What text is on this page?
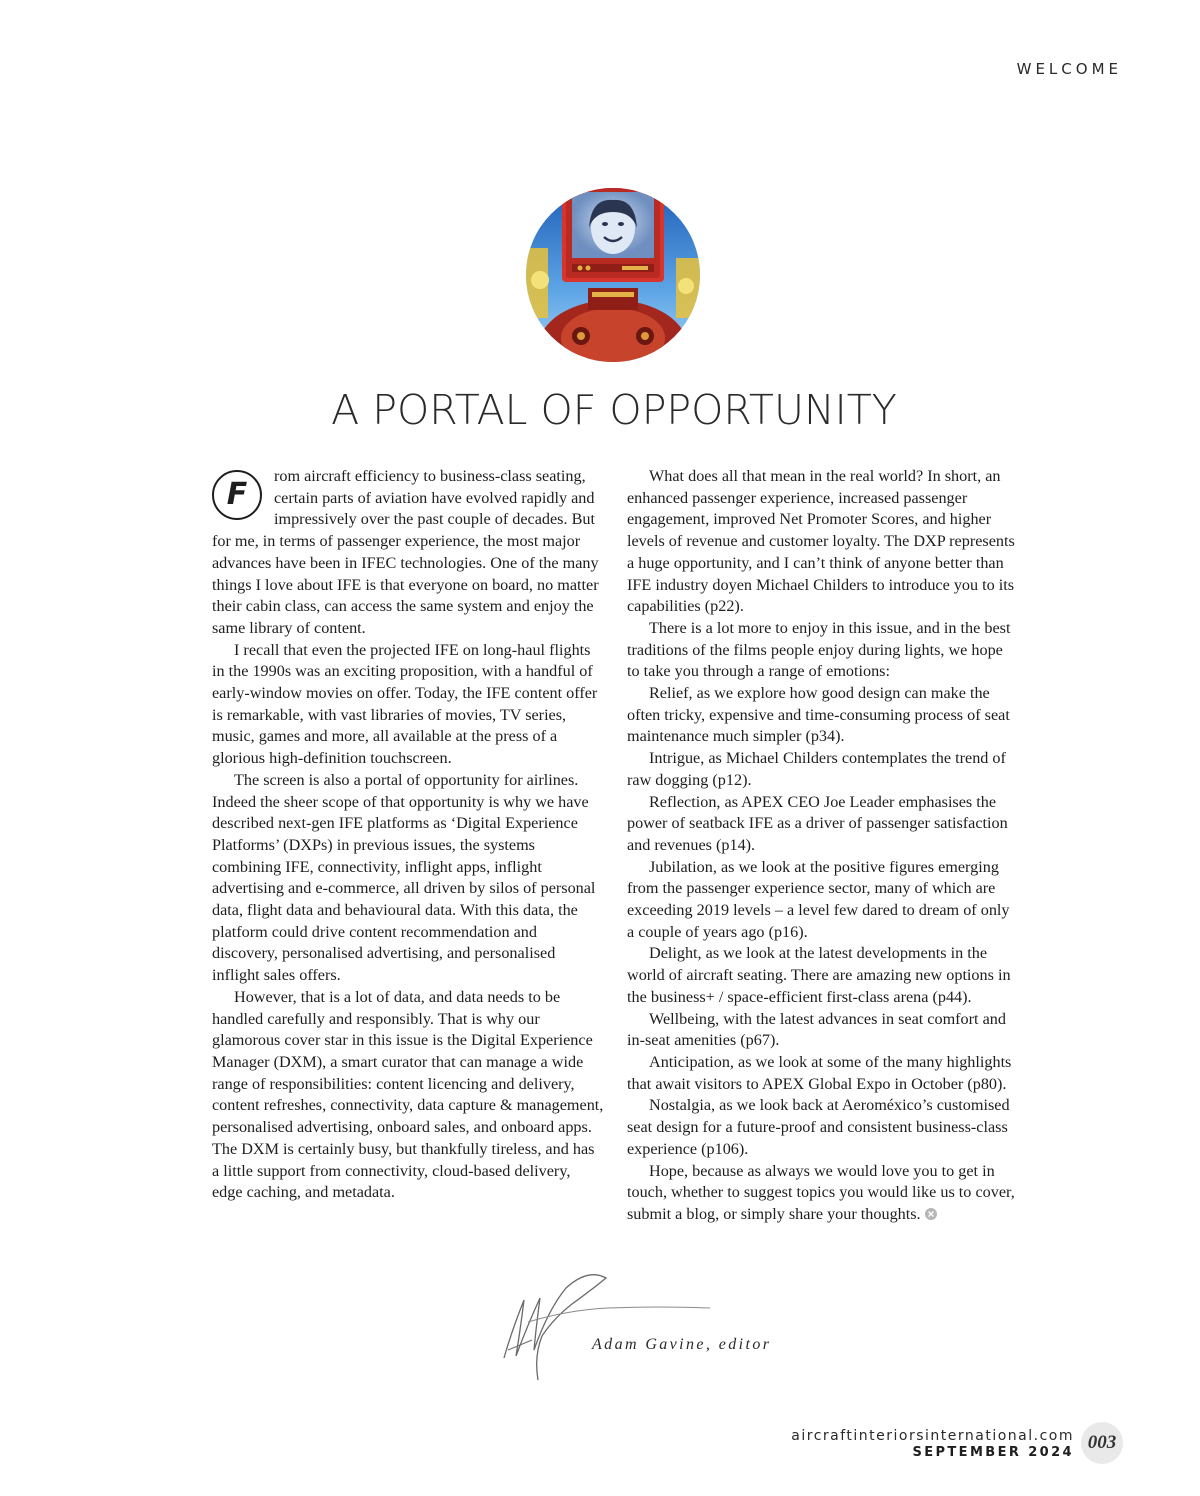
WELCOME
A PORTAL OF OPPORTUNITY

F
rom aircraft efficiency to business-class seating, certain parts of aviation have evolved rapidly and impressively over the past couple of decades. But for me, in terms of passenger experience, the most major advances have been in IFEC technologies. One of the many things I love about IFE is that everyone on board, no matter their cabin class, can access the same system and enjoy the same library of content.

I recall that even the projected IFE on long-haul flights in the 1990s was an exciting proposition, with a handful of early-window movies on offer. Today, the IFE content offer is remarkable, with vast libraries of movies, TV series, music, games and more, all available at the press of a glorious high-definition touchscreen.

The screen is also a portal of opportunity for airlines. Indeed the sheer scope of that opportunity is why we have described next-gen IFE platforms as ‘Digital Experience Platforms’ (DXPs) in previous issues, the systems combining IFE, connectivity, inflight apps, inflight advertising and e-commerce, all driven by silos of personal data, flight data and behavioural data. With this data, the platform could drive content recommendation and discovery, personalised advertising, and personalised inflight sales offers.

However, that is a lot of data, and data needs to be handled carefully and responsibly. That is why our glamorous cover star in this issue is the Digital Experience Manager (DXM), a smart curator that can manage a wide range of responsibilities: content licencing and delivery, content refreshes, connectivity, data capture & management, personalised advertising, onboard sales, and onboard apps. The DXM is certainly busy, but thankfully tireless, and has a little support from connectivity, cloud-based delivery, edge caching, and metadata.

What does all that mean in the real world? In short, an enhanced passenger experience, increased passenger engagement, improved Net Promoter Scores, and higher levels of revenue and customer loyalty. The DXP represents a huge opportunity, and I can’t think of anyone better than IFE industry doyen Michael Childers to introduce you to its capabilities (p22).

There is a lot more to enjoy in this issue, and in the best traditions of the films people enjoy during lights, we hope to take you through a range of emotions:

Relief, as we explore how good design can make the often tricky, expensive and time-consuming process of seat maintenance much simpler (p34).

Intrigue, as Michael Childers contemplates the trend of raw dogging (p12).

Reflection, as APEX CEO Joe Leader emphasises the power of seatback IFE as a driver of passenger satisfaction and revenues (p14).

Jubilation, as we look at the positive figures emerging from the passenger experience sector, many of which are exceeding 2019 levels – a level few dared to dream of only a couple of years ago (p16).

Delight, as we look at the latest developments in the world of aircraft seating. There are amazing new options in the business+ / space-efficient first-class arena (p44).

Wellbeing, with the latest advances in seat comfort and in-seat amenities (p67).

Anticipation, as we look at some of the many highlights that await visitors to APEX Global Expo in October (p80).

Nostalgia, as we look back at Aeroméxico’s customised seat design for a future-proof and consistent business-class experience (p106).

Hope, because as always we would love you to get in touch, whether to suggest topics you would like us to cover, submit a blog, or simply share your thoughts.

Adam Gavine, editor
aircraftinteriorsinternational.com
SEPTEMBER 2024 003
